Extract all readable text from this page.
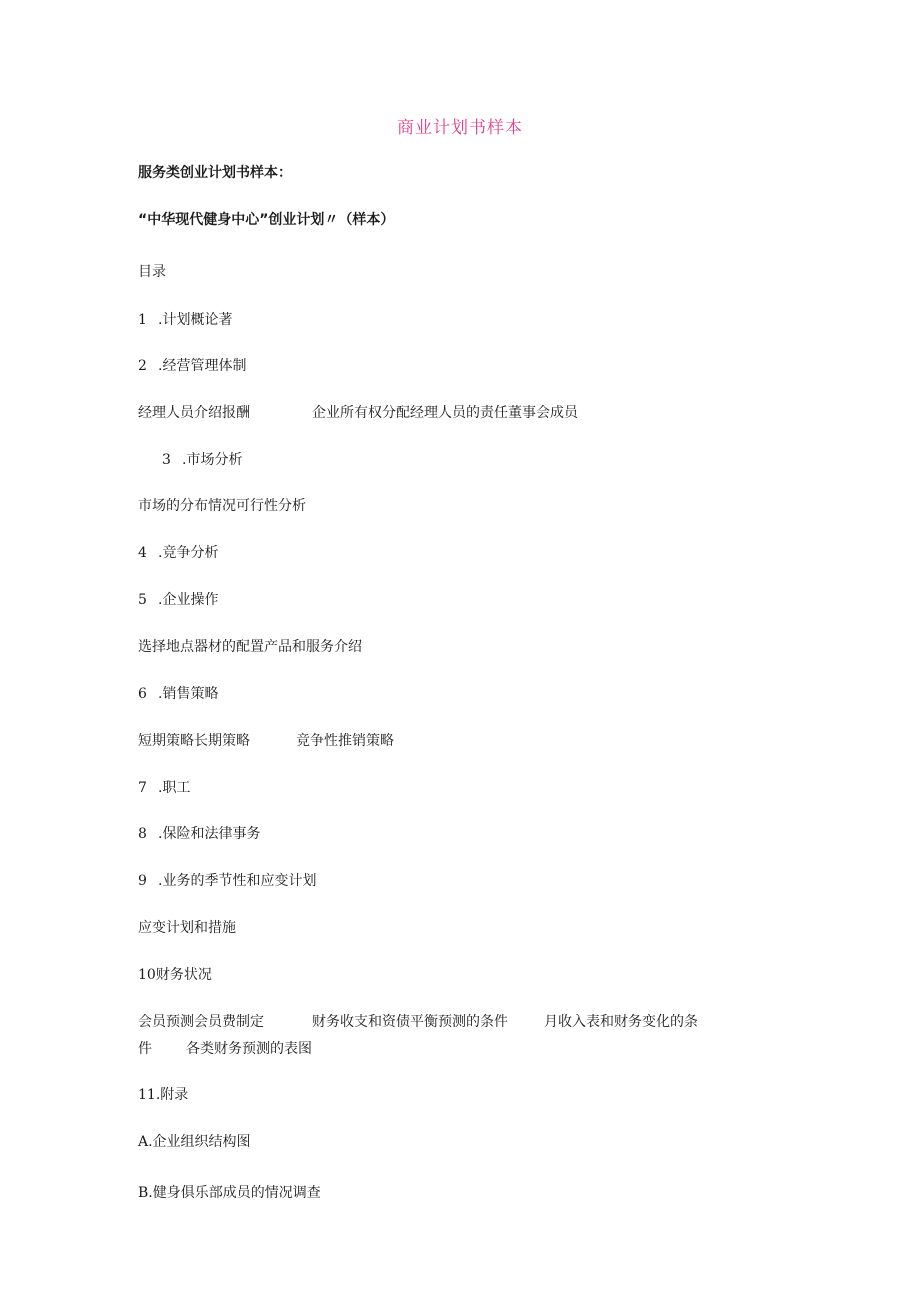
商业计划书样本
服务类创业计划书样本：
“中华现代健身中心”创业计划〃（样本）
目录
1 .计划概论著
2 .经营管理体制
经理人员介绍报酬	企业所有权分配经理人员的责任董事会成员
3 .市场分析
市场的分布情况可行性分析
4 .竞争分析
5 .企业操作
选择地点器材的配置产品和服务介绍
6 .销售策略
短期策略长期策略	竞争性推销策略
7 .职工
8 .保险和法律事务
9 .业务的季节性和应变计划
应变计划和措施
10财务状况
会员预测会员费制定	财务收支和资债平衡预测的条件	月收入表和财务变化的条
件 各类财务预测的表图
11.附录
A.企业组织结构图
B.健身俱乐部成员的情况调查
